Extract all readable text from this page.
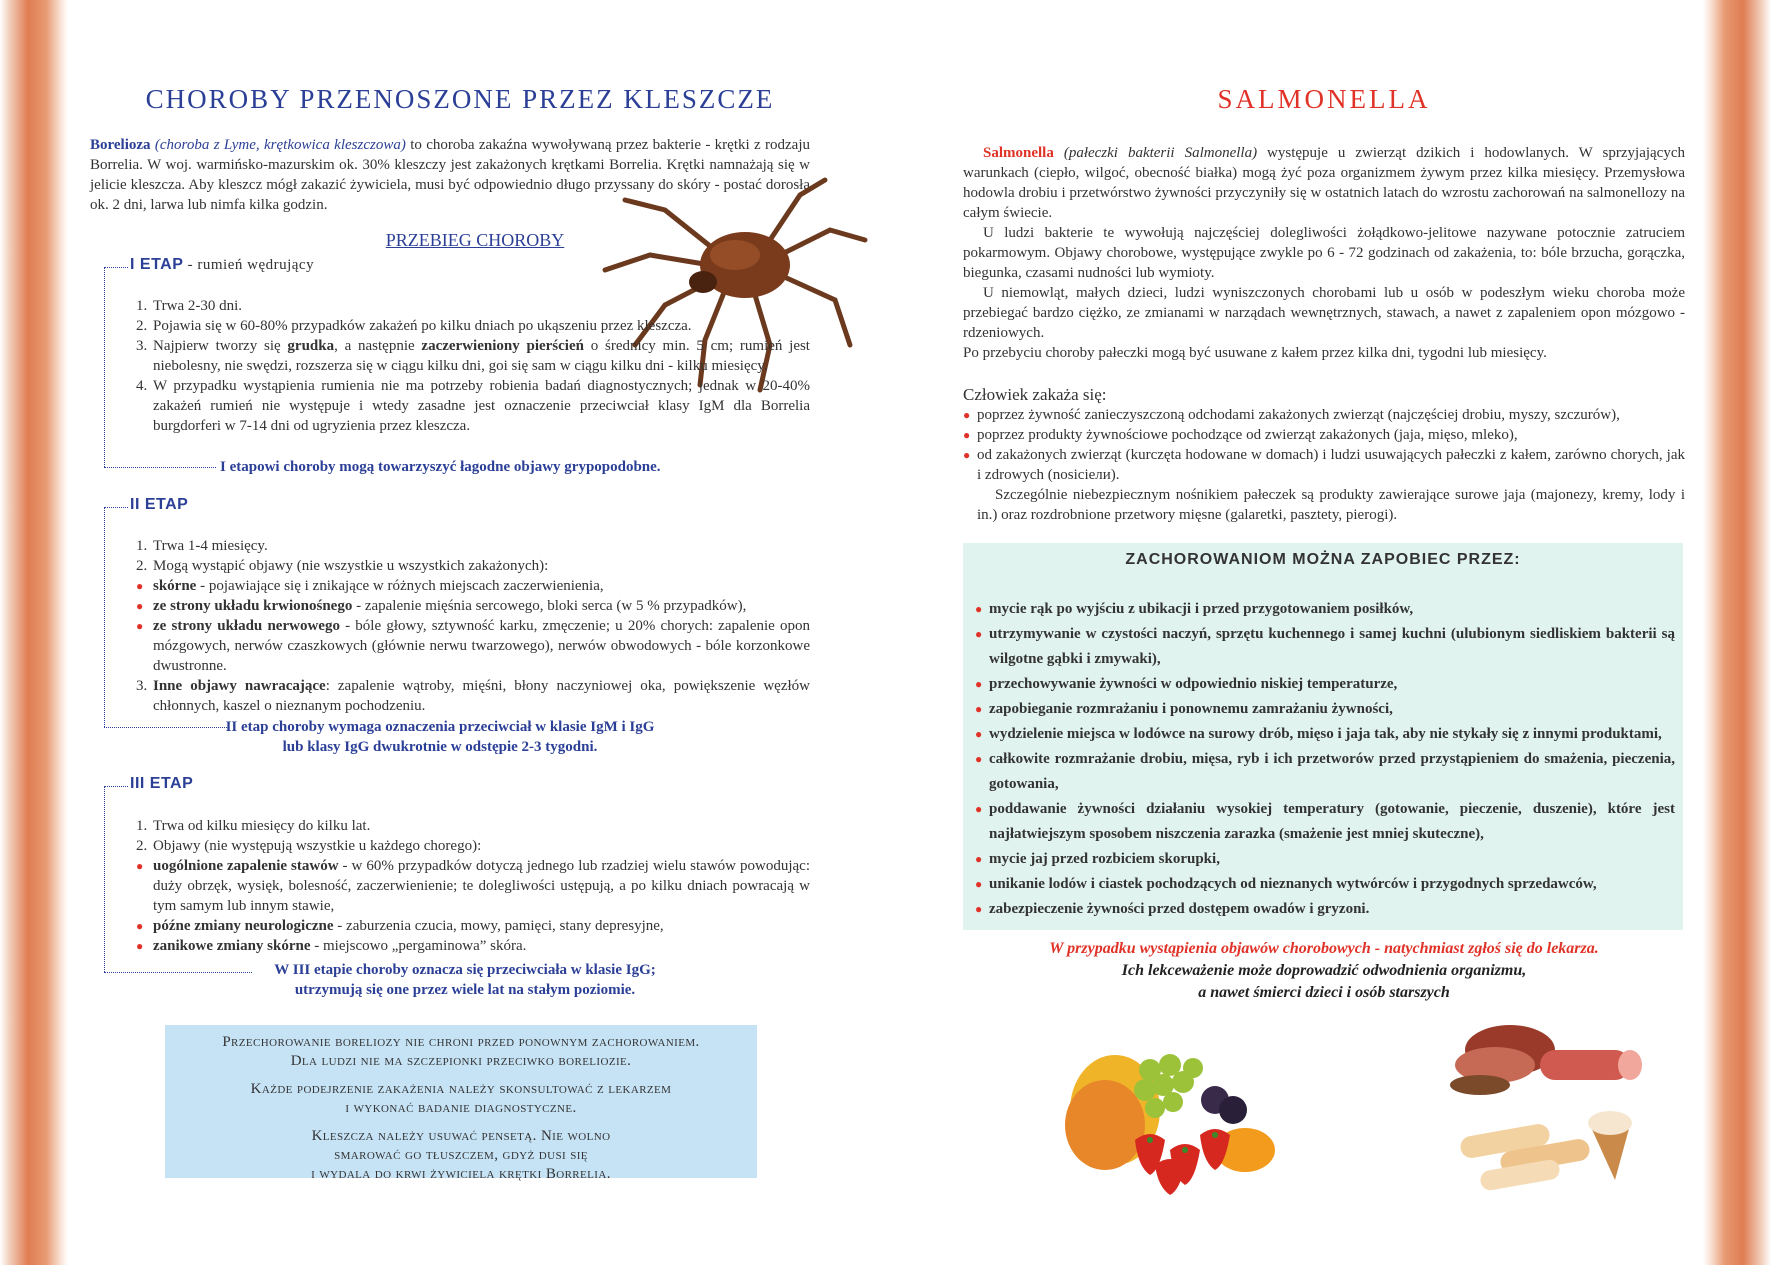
CHOROBY PRZENOSZONE PRZEZ KLESZCZE
Borelioza (choroba z Lyme, krętkowica kleszczowa) to choroba zakaźna wywoływaną przez bakterie - krętki z rodzaju Borrelia. W woj. warmińsko-mazurskim ok. 30% kleszczy jest zakażonych krętkami Borrelia. Krętki namnażają się w jelicie kleszcza. Aby kleszcz mógł zakazić żywiciela, musi być odpowiednio długo przyssany do skóry - postać dorosła ok. 2 dni, larwa lub nimfa kilka godzin.
PRZEBIEG CHOROBY
I ETAP - rumień wędrujący
1. Trwa 2-30 dni.
2. Pojawia się w 60-80% przypadków zakażeń po kilku dniach po ukąszeniu przez kleszcza.
3. Najpierw tworzy się grudka, a następnie zaczerwieniony pierścień o średnicy min. 5 cm; rumień jest niebolesny, nie swędzi, rozszerza się w ciągu kilku dni, goi się sam w ciągu kilku dni - kilku miesięcy.
4. W przypadku wystąpienia rumienia nie ma potrzeby robienia badań diagnostycznych; jednak w 20-40% zakażeń rumień nie występuje i wtedy zasadne jest oznaczenie przeciwciał klasy IgM dla Borrelia burgdorferi w 7-14 dni od ugryzienia przez kleszcza.
I etapowi choroby mogą towarzyszyć łagodne objawy grypopodobne.
II ETAP
1. Trwa 1-4 miesięcy.
2. Mogą wystąpić objawy (nie wszystkie u wszystkich zakażonych):
● skórne - pojawiające się i znikające w różnych miejscach zaczerwienienia,
● ze strony układu krwionośnego - zapalenie mięśnia sercowego, bloki serca (w 5 % przypadków),
● ze strony układu nerwowego - bóle głowy, sztywność karku, zmęczenie; u 20% chorych: zapalenie opon mózgowych, nerwów czaszkowych (głównie nerwu twarzowego), nerwów obwodowych - bóle korzonkowe dwustronne.
3. Inne objawy nawracające: zapalenie wątroby, mięśni, błony naczyniowej oka, powiększenie węzłów chłonnych, kaszel o nieznanym pochodzeniu.
II etap choroby wymaga oznaczenia przeciwciał w klasie IgM i IgG
lub klasy IgG dwukrotnie w odstępie 2-3 tygodni.
III ETAP
1. Trwa od kilku miesięcy do kilku lat.
2. Objawy (nie występują wszystkie u każdego chorego):
● uogólnione zapalenie stawów - w 60% przypadków dotyczą jednego lub rzadziej wielu stawów powodując: duży obrzęk, wysięk, bolesność, zaczerwienienie; te dolegliwości ustępują, a po kilku dniach powracają w tym samym lub innym stawie,
● późne zmiany neurologiczne - zaburzenia czucia, mowy, pamięci, stany depresyjne,
● zanikowe zmiany skórne - miejscowo „pergaminowa” skóra.
W III etapie choroby oznacza się przeciwciała w klasie IgG;
utrzymują się one przez wiele lat na stałym poziomie.

Przechorowanie boreliozy nie chroni przed ponownym zachorowaniem.

Dla ludzi nie ma szczepionki przeciwko boreliozie.

Każde podejrzenie zakażenia należy skonsultować z lekarzem

i wykonać badanie diagnostyczne.

Kleszcza należy usuwać pensetą. Nie wolno

smarować go tłuszczem, gdyż dusi się

i wydala do krwi żywiciela krętki Borrelia.

SALMONELLA
Salmonella (pałeczki bakterii Salmonella) występuje u zwierząt dzikich i hodowlanych. W sprzyjających warunkach (ciepło, wilgoć, obecność białka) mogą żyć poza organizmem żywym przez kilka miesięcy. Przemysłowa hodowla drobiu i przetwórstwo żywności przyczyniły się w ostatnich latach do wzrostu zachorowań na salmonellozy na całym świecie.
U ludzi bakterie te wywołują najczęściej dolegliwości żołądkowo-jelitowe nazywane potocznie zatruciem pokarmowym. Objawy chorobowe, występujące zwykle po 6 - 72 godzinach od zakażenia, to: bóle brzucha, gorączka, biegunka, czasami nudności lub wymioty.
U niemowląt, małych dzieci, ludzi wyniszczonych chorobami lub u osób w podeszłym wieku choroba może przebiegać bardzo ciężko, ze zmianami w narządach wewnętrznych, stawach, a nawet z zapaleniem opon mózgowo - rdzeniowych.
Po przebyciu choroby pałeczki mogą być usuwane z kałem przez kilka dni, tygodni lub miesięcy.
Człowiek zakaża się:
● poprzez żywność zanieczyszczoną odchodami zakażonych zwierząt (najczęściej drobiu, myszy, szczurów),
● poprzez produkty żywnościowe pochodzące od zwierząt zakażonych (jaja, mięso, mleko),
● od zakażonych zwierząt (kurczęta hodowane w domach) i ludzi usuwających pałeczki z kałem, zarówno chorych, jak i zdrowych (nosiciели).
Szczególnie niebezpiecznym nośnikiem pałeczek są produkty zawierające surowe jaja (majonezy, kremy, lody i in.) oraz rozdrobnione przetwory mięsne (galaretki, pasztety, pierogi).
ZACHOROWANIOM MOŻNA ZAPOBIEC PRZEZ:
● mycie rąk po wyjściu z ubikacji i przed przygotowaniem posiłków,
● utrzymywanie w czystości naczyń, sprzętu kuchennego i samej kuchni (ulubionym siedliskiem bakterii są wilgotne gąbki i zmywaki),
● przechowywanie żywności w odpowiednio niskiej temperaturze,
● zapobieganie rozmrażaniu i ponownemu zamrażaniu żywności,
● wydzielenie miejsca w lodówce na surowy drób, mięso i jaja tak, aby nie stykały się z innymi produktami,
● całkowite rozmrażanie drobiu, mięsa, ryb i ich przetworów przed przystąpieniem do smażenia, pieczenia, gotowania,
● poddawanie żywności działaniu wysokiej temperatury (gotowanie, pieczenie, duszenie), które jest najłatwiejszym sposobem niszczenia zarazka (smażenie jest mniej skuteczne),
● mycie jaj przed rozbiciem skorupki,
● unikanie lodów i ciastek pochodzących od nieznanych wytwórców i przygodnych sprzedawców,
● zabezpieczenie żywności przed dostępem owadów i gryzoni.
W przypadku wystąpienia objawów chorobowych - natychmiast zgłoś się do lekarza.
Ich lekceważenie może doprowadzić odwodnienia organizmu,
a nawet śmierci dzieci i osób starszych
